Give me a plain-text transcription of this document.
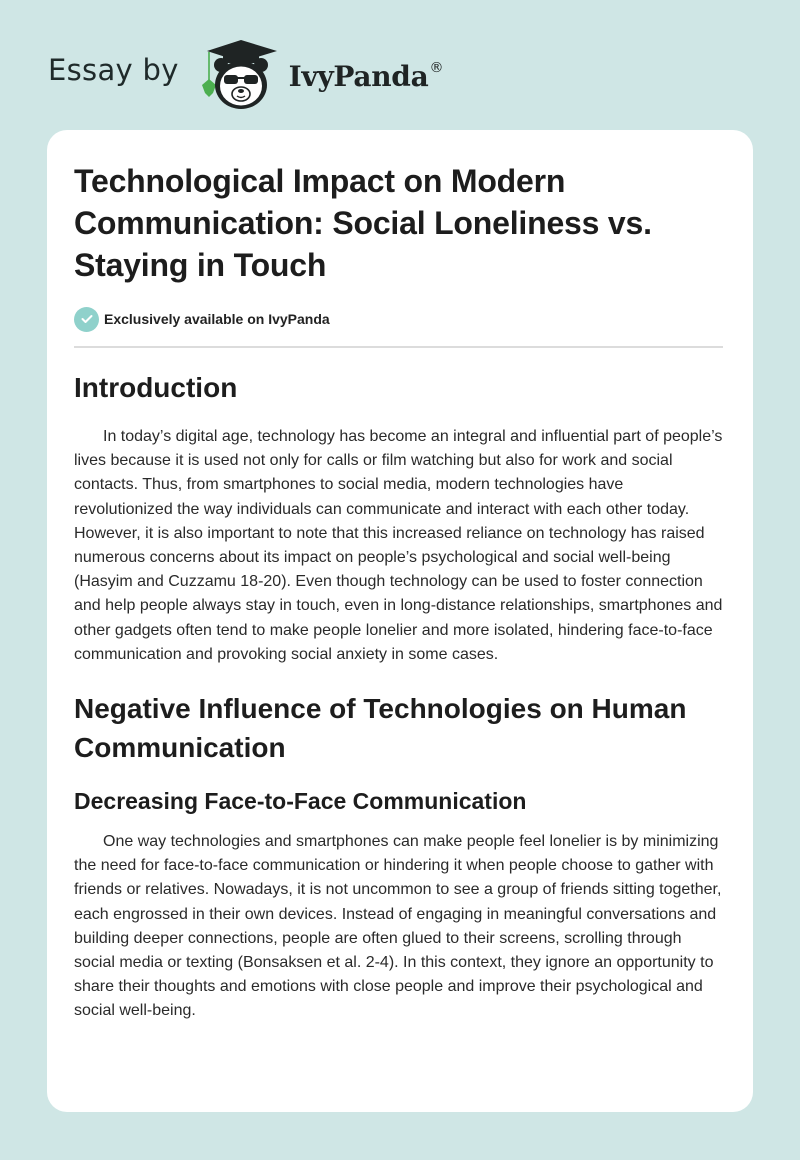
Essay by	IvyPanda®
Technological Impact on Modern Communication: Social Loneliness vs. Staying in Touch
Exclusively available on IvyPanda
Introduction

In today’s digital age, technology has become an integral and influential part of people’s lives because it is used not only for calls or film watching but also for work and social contacts. Thus, from smartphones to social media, modern technologies have revolutionized the way individuals can communicate and interact with each other today. However, it is also important to note that this increased reliance on technology has raised numerous concerns about its impact on people’s psychological and social well-being (Hasyim and Cuzzamu 18-20). Even though technology can be used to foster connection and help people always stay in touch, even in long-distance relationships, smartphones and other gadgets often tend to make people lonelier and more isolated, hindering face-to-face communication and provoking social anxiety in some cases.

Negative Influence of Technologies on Human Communication
Decreasing Face-to-Face Communication

One way technologies and smartphones can make people feel lonelier is by minimizing the need for face-to-face communication or hindering it when people choose to gather with friends or relatives. Nowadays, it is not uncommon to see a group of friends sitting together, each engrossed in their own devices. Instead of engaging in meaningful conversations and building deeper connections, people are often glued to their screens, scrolling through social media or texting (Bonsaksen et al. 2-4). In this context, they ignore an opportunity to share their thoughts and emotions with close people and improve their psychological and social well-being.
